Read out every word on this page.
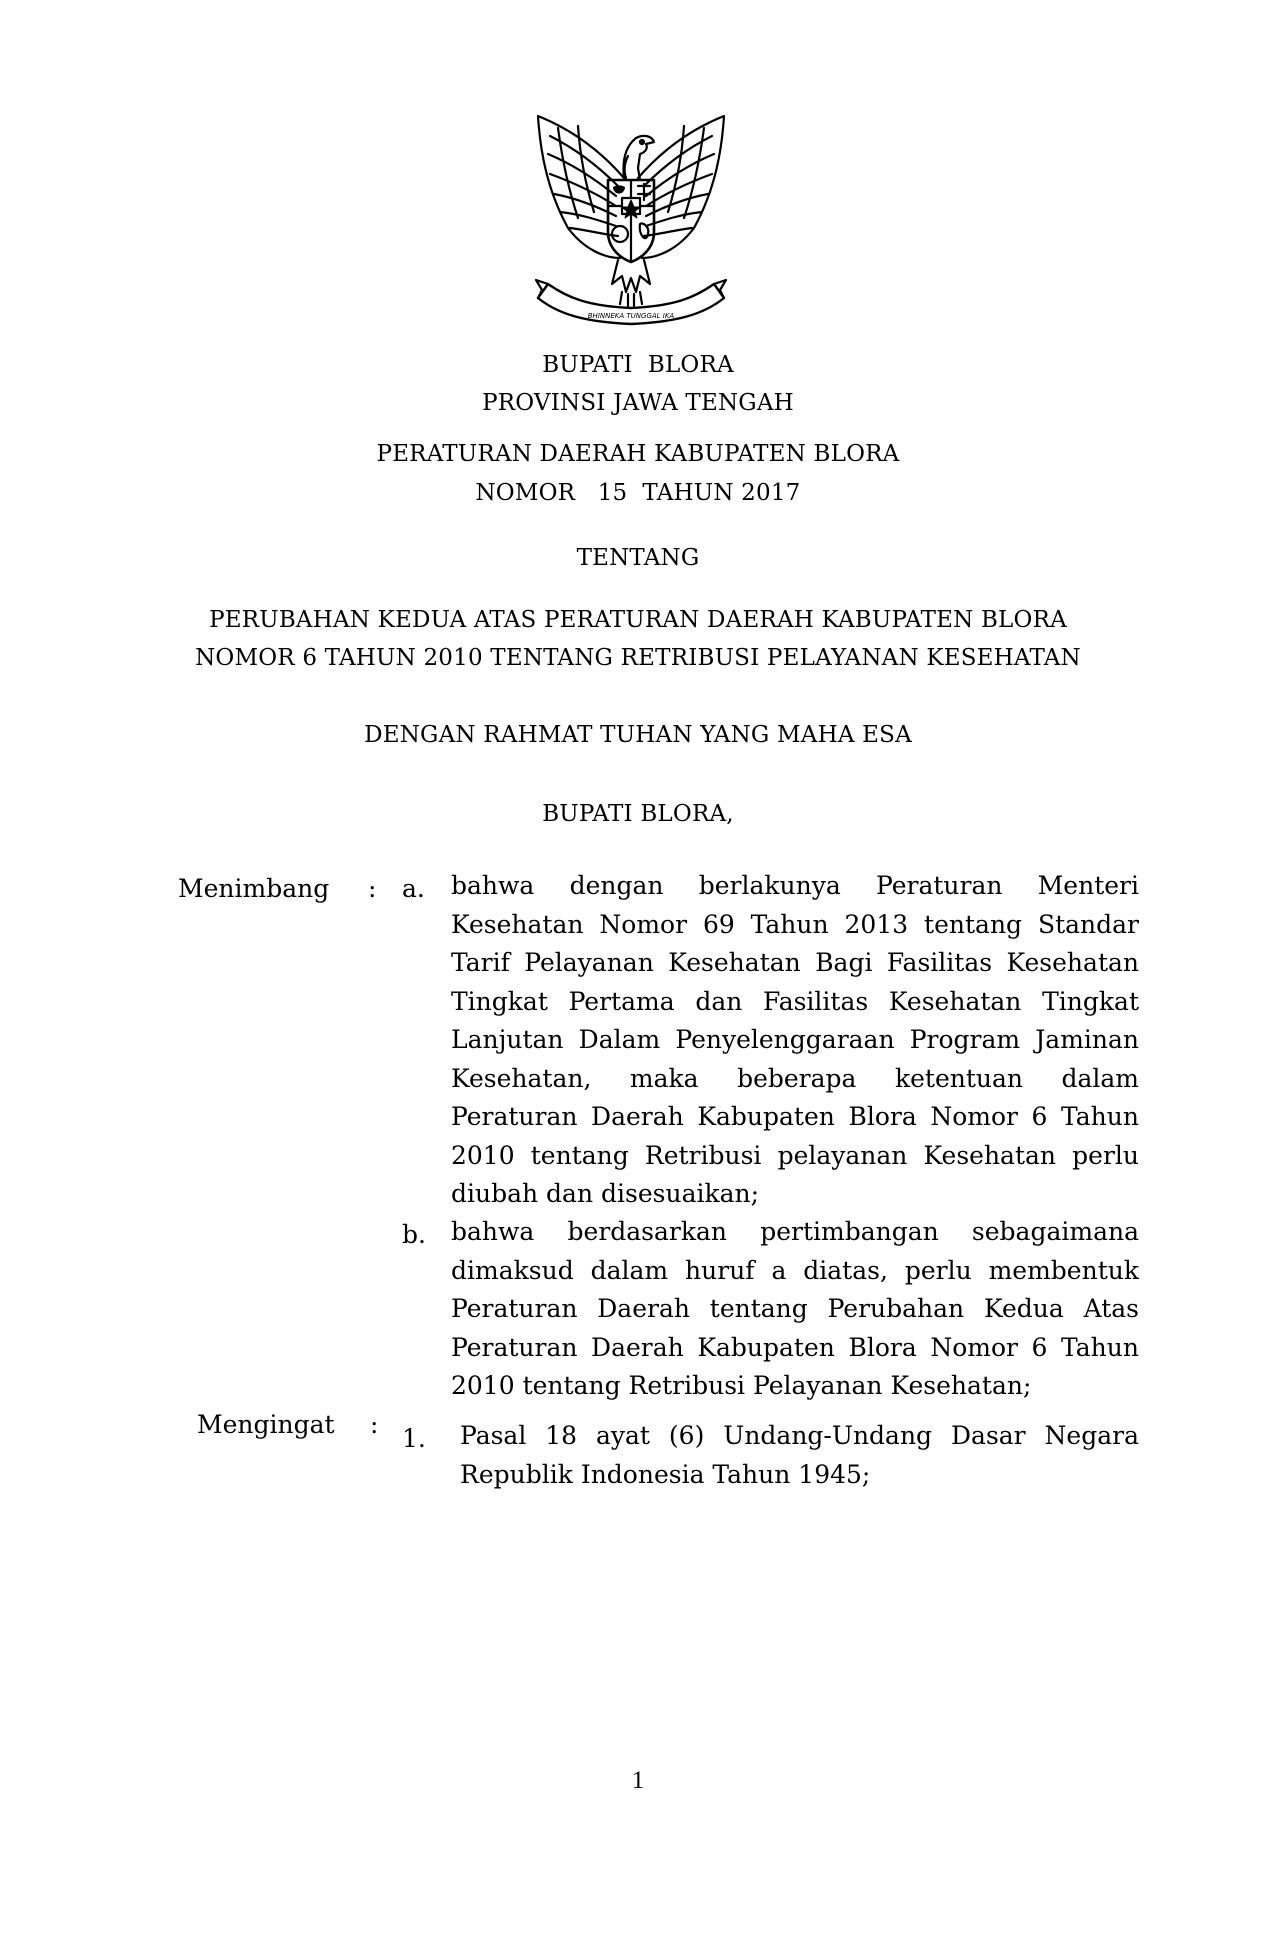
BHINNEKA TUNGGAL IKA
BUPATI  BLORA
PROVINSI JAWA TENGAH
PERATURAN DAERAH KABUPATEN BLORA
NOMOR   15  TAHUN 2017
TENTANG
PERUBAHAN KEDUA ATAS PERATURAN DAERAH KABUPATEN BLORA
NOMOR 6 TAHUN 2010 TENTANG RETRIBUSI PELAYANAN KESEHATAN
DENGAN RAHMAT TUHAN YANG MAHA ESA
BUPATI BLORA,
Menimbang : a. bahwa dengan berlakunya Peraturan Menteri Kesehatan Nomor 69 Tahun 2013 tentang Standar Tarif Pelayanan Kesehatan Bagi Fasilitas Kesehatan Tingkat Pertama dan Fasilitas Kesehatan Tingkat Lanjutan Dalam Penyelenggaraan Program Jaminan Kesehatan, maka beberapa ketentuan dalam Peraturan Daerah Kabupaten Blora Nomor 6 Tahun 2010 tentang Retribusi pelayanan Kesehatan perlu diubah dan disesuaikan;
b. bahwa berdasarkan pertimbangan sebagaimana dimaksud dalam huruf a diatas, perlu membentuk Peraturan Daerah tentang Perubahan Kedua Atas Peraturan Daerah Kabupaten Blora Nomor 6 Tahun 2010 tentang Retribusi Pelayanan Kesehatan;
Mengingat : 1. Pasal 18 ayat (6) Undang-Undang Dasar Negara Republik Indonesia Tahun 1945;
1
